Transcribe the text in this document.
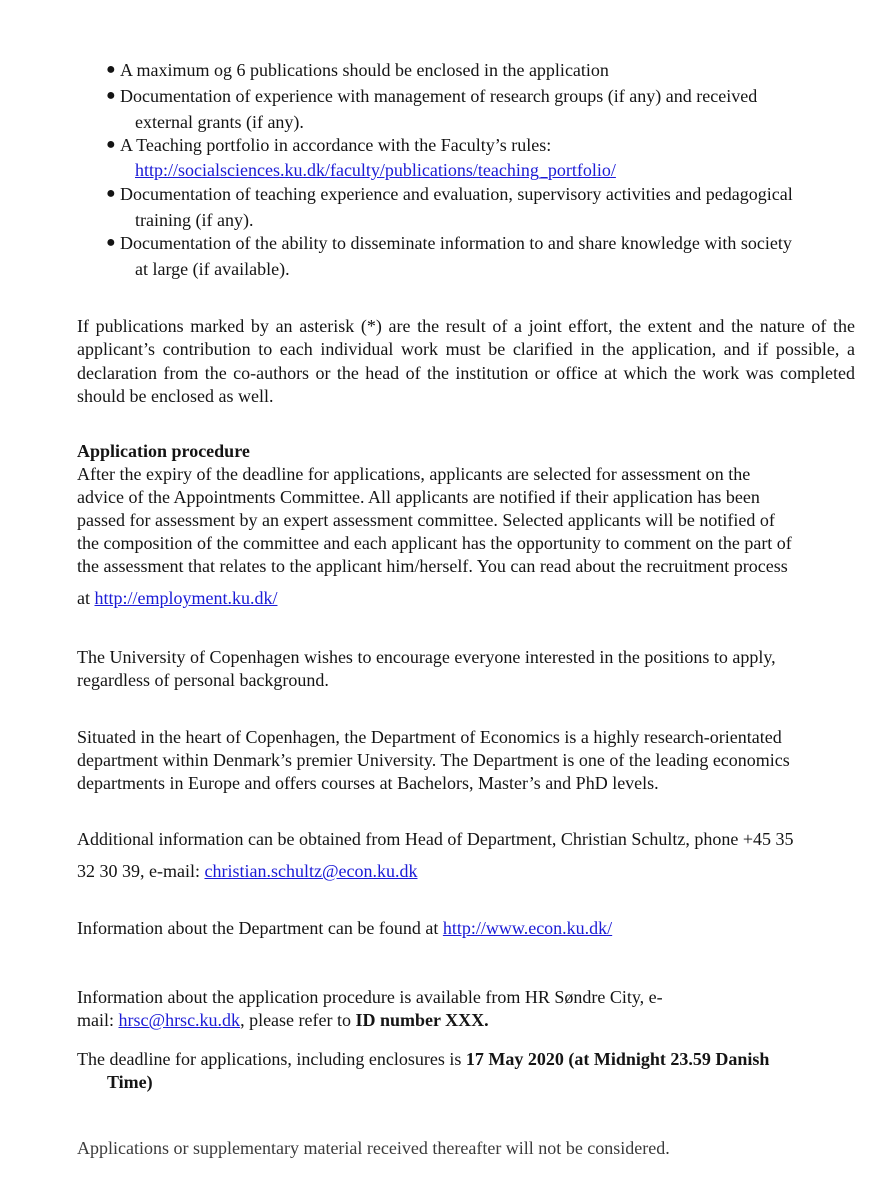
● A maximum og 6 publications should be enclosed in the application
● Documentation of experience with management of research groups (if any) and received
external grants (if any).
● A Teaching portfolio in accordance with the Faculty’s rules:
http://socialsciences.ku.dk/faculty/publications/teaching_portfolio/
● Documentation of teaching experience and evaluation, supervisory activities and pedagogical
training (if any).
● Documentation of the ability to disseminate information to and share knowledge with society
at large (if available).

If publications marked by an asterisk (*) are the result of a joint effort, the extent and the nature of the applicant’s contribution to each individual work must be clarified in the application, and if possible, a declaration from the co-authors or the head of the institution or office at which the work was completed should be enclosed as well.

Application procedure
After the expiry of the deadline for applications, applicants are selected for assessment on the
advice of the Appointments Committee. All applicants are notified if their application has been
passed for assessment by an expert assessment committee. Selected applicants will be notified of
the composition of the committee and each applicant has the opportunity to comment on the part of
the assessment that relates to the applicant him/herself. You can read about the recruitment process
at http://employment.ku.dk/
The University of Copenhagen wishes to encourage everyone interested in the positions to apply,
regardless of personal background.
Situated in the heart of Copenhagen, the Department of Economics is a highly research-orientated
department within Denmark’s premier University. The Department is one of the leading economics
departments in Europe and offers courses at Bachelors, Master’s and PhD levels.
Additional information can be obtained from Head of Department, Christian Schultz, phone +45 35
32 30 39, e-mail: christian.schultz@econ.ku.dk
Information about the Department can be found at http://www.econ.ku.dk/
Information about the application procedure is available from HR Søndre City, e-
mail: hrsc@hrsc.ku.dk, please refer to ID number XXX.
The deadline for applications, including enclosures is 17 May 2020 (at Midnight 23.59 Danish
Time)
Applications or supplementary material received thereafter will not be considered.
